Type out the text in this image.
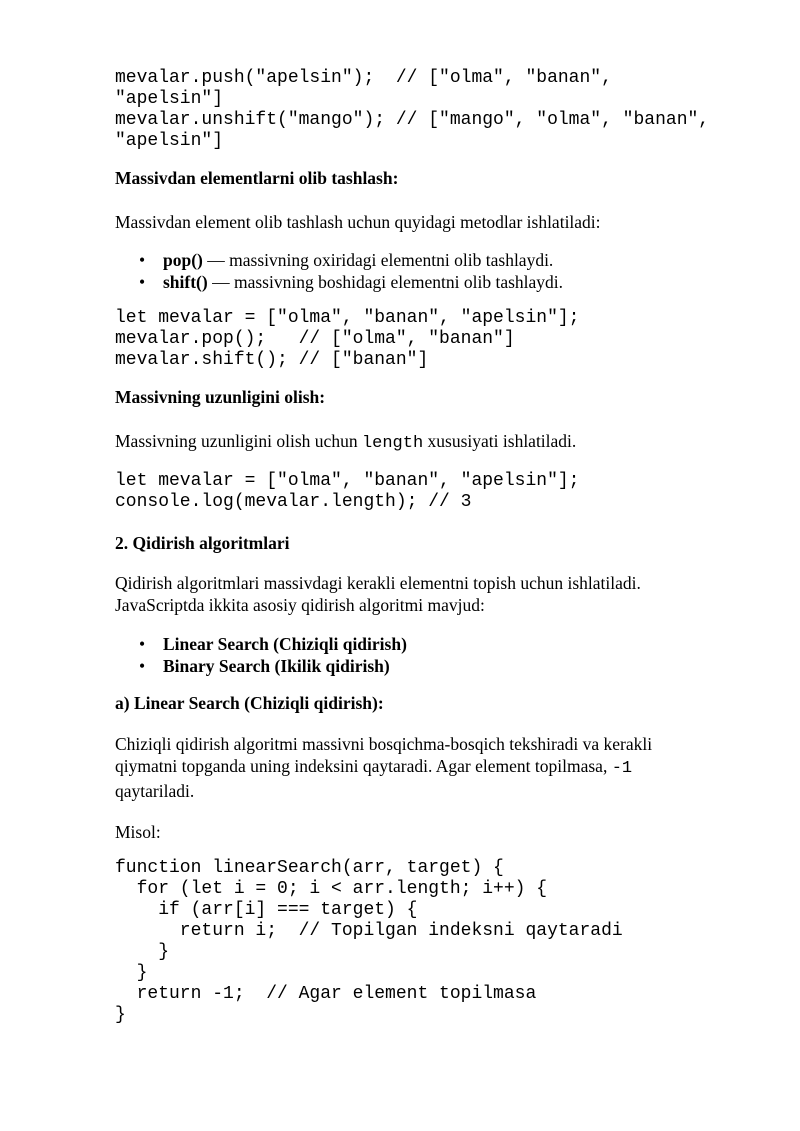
mevalar.push("apelsin");  // ["olma", "banan",
"apelsin"]
mevalar.unshift("mango"); // ["mango", "olma", "banan",
"apelsin"]

Massivdan elementlarni olib tashlash:

Massivdan element olib tashlash uchun quyidagi metodlar ishlatiladi:

• pop() — massivning oxiridagi elementni olib tashlaydi.
• shift() — massivning boshidagi elementni olib tashlaydi.
let mevalar = ["olma", "banan", "apelsin"];
mevalar.pop();   // ["olma", "banan"]
mevalar.shift(); // ["banan"]

Massivning uzunligini olish:

Massivning uzunligini olish uchun length xususiyati ishlatiladi.

let mevalar = ["olma", "banan", "apelsin"];
console.log(mevalar.length); // 3

2. Qidirish algoritmlari

Qidirish algoritmlari massivdagi kerakli elementni topish uchun ishlatiladi.
JavaScriptda ikkita asosiy qidirish algoritmi mavjud:

• Linear Search (Chiziqli qidirish)
• Binary Search (Ikilik qidirish)

a) Linear Search (Chiziqli qidirish):

Chiziqli qidirish algoritmi massivni bosqichma-bosqich tekshiradi va kerakli
qiymatni topganda uning indeksini qaytaradi. Agar element topilmasa, -1
qaytariladi.

Misol:

function linearSearch(arr, target) {
for (let i = 0; i < arr.length; i++) {
if (arr[i] === target) {
return i;  // Topilgan indeksni qaytaradi
}
}
return -1;  // Agar element topilmasa
}
